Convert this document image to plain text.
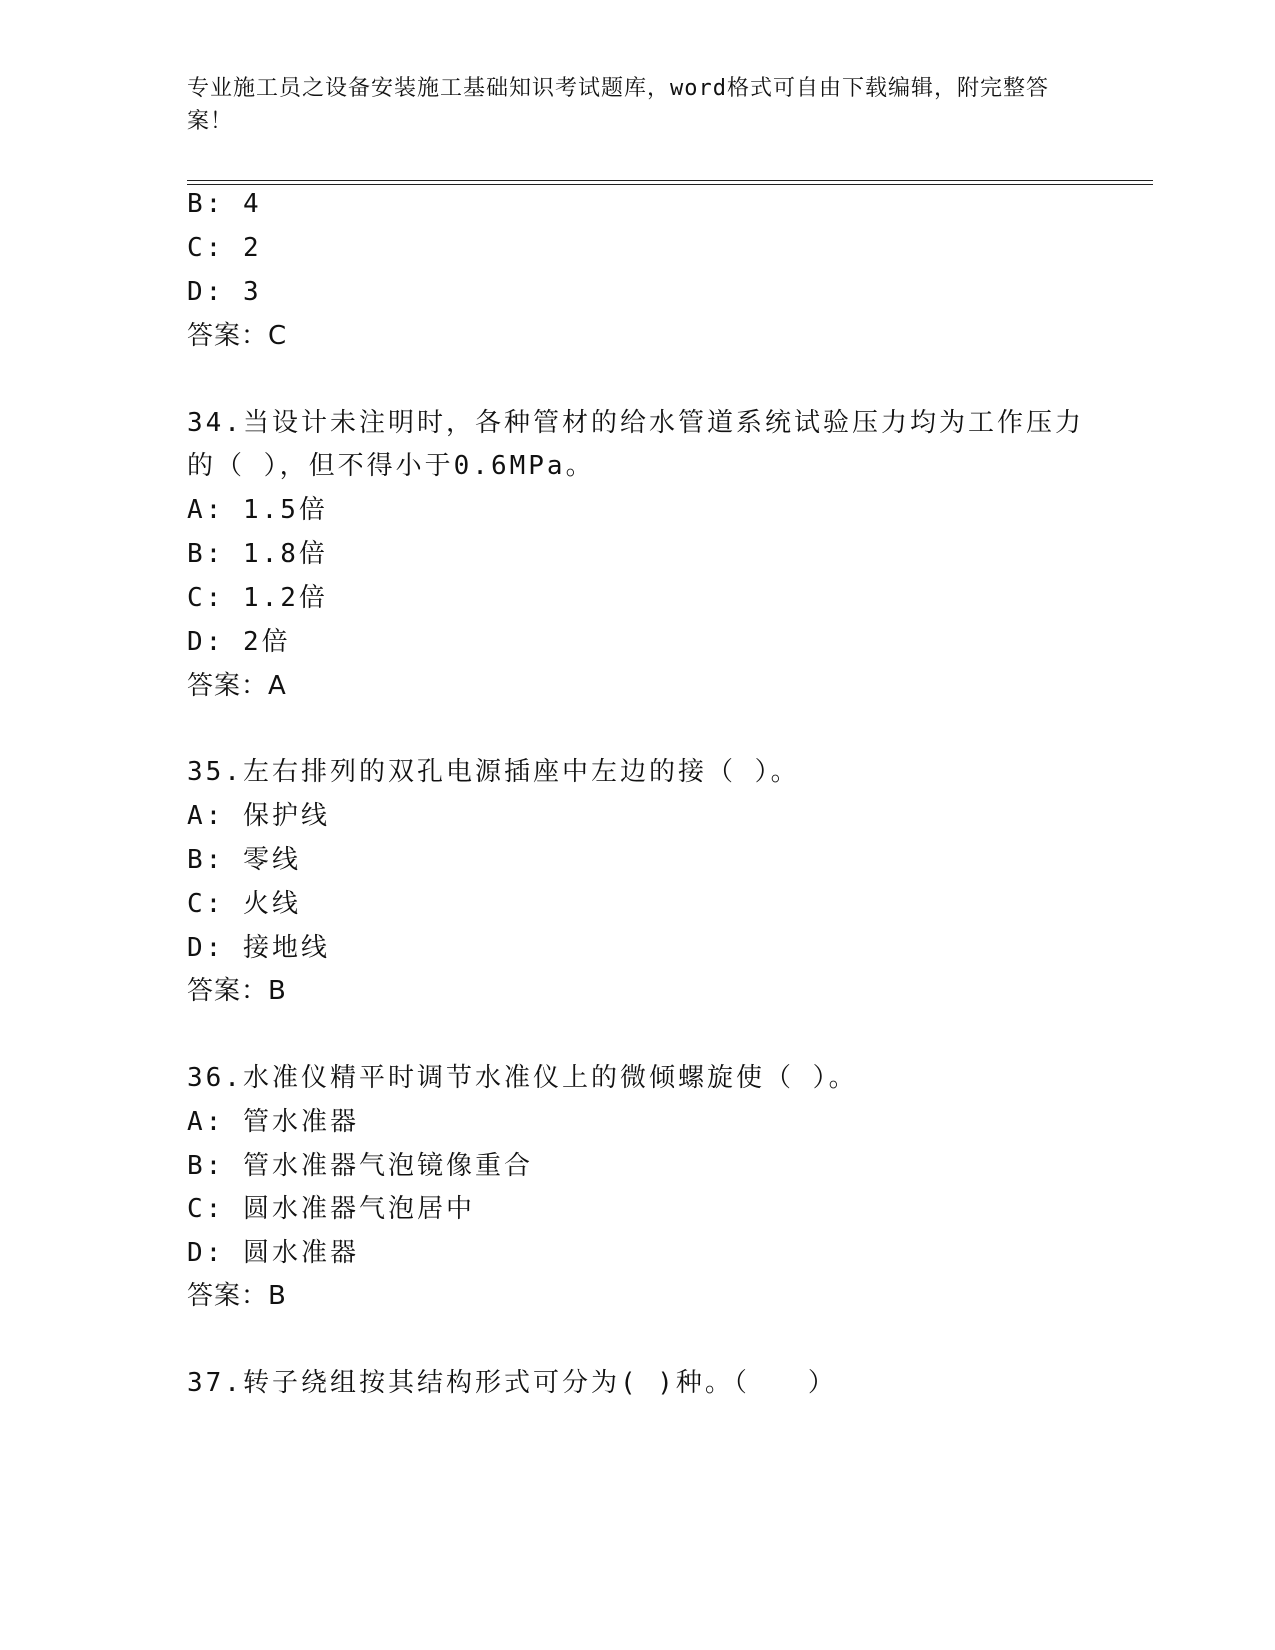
专业施工员之设备安装施工基础知识考试题库，word格式可自由下载编辑，附完整答案！
B: 4
C: 2
D: 3
答案：C
34.当设计未注明时，各种管材的给水管道系统试验压力均为工作压力
的（ ），但不得小于0.6MPa。
A: 1.5倍
B: 1.8倍
C: 1.2倍
D: 2倍
答案：A
35.左右排列的双孔电源插座中左边的接（ ）。
A: 保护线
B: 零线
C: 火线
D: 接地线
答案：B
36.水准仪精平时调节水准仪上的微倾螺旋使（ ）。
A: 管水准器
B: 管水准器气泡镜像重合
C: 圆水准器气泡居中
D: 圆水准器
答案：B
37.转子绕组按其结构形式可分为( )种。（　　）
